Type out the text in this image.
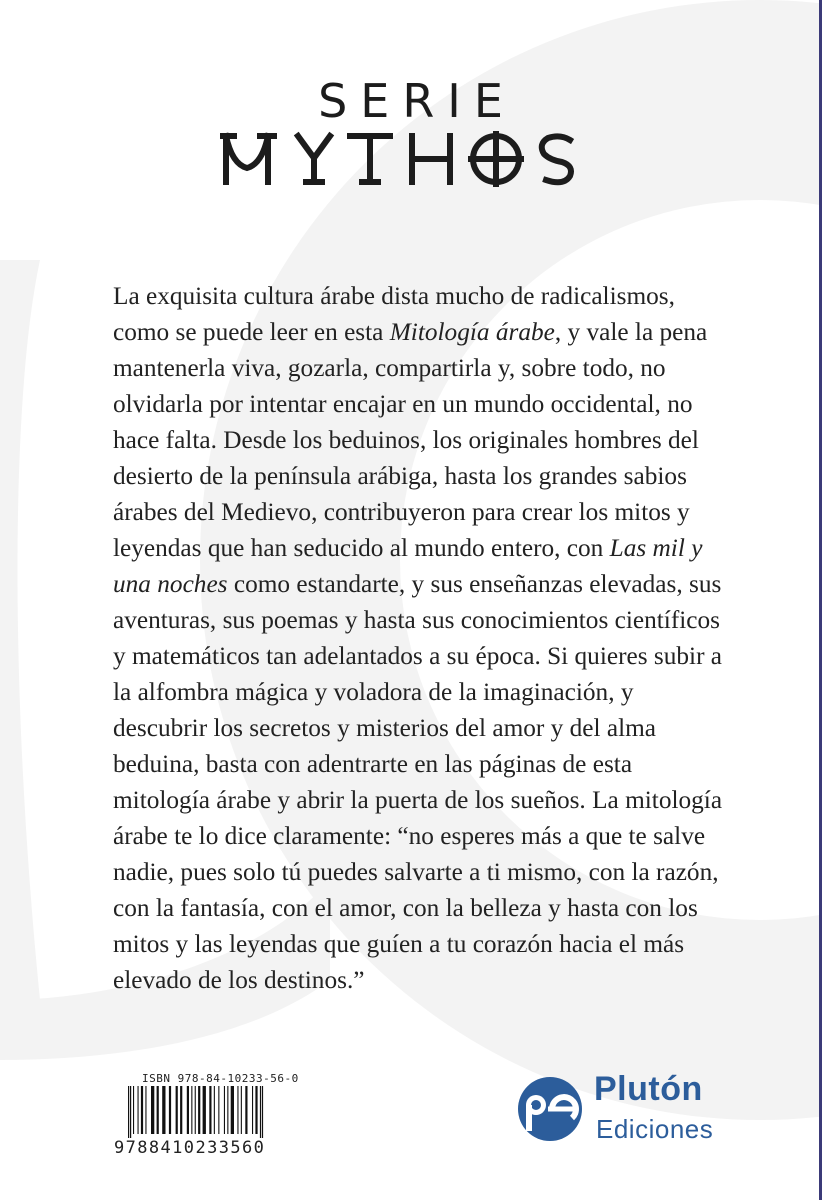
SERIE

La exquisita cultura árabe dista mucho de radicalismos, como se puede leer en esta Mitología árabe, y vale la pena mantenerla viva, gozarla, compartirla y, sobre todo, no olvidarla por intentar encajar en un mundo occidental, no hace falta. Desde los beduinos, los originales hombres del desierto de la península arábiga, hasta los grandes sabios árabes del Medievo, contribuyeron para crear los mitos y leyendas que han seducido al mundo entero, con Las mil y una noches como estandarte, y sus enseñanzas elevadas, sus aventuras, sus poemas y hasta sus conocimientos científicos y matemáticos tan adelantados a su época. Si quieres subir a la alfombra mágica y voladora de la imaginación, y descubrir los secretos y misterios del amor y del alma beduina, basta con adentrarte en las páginas de esta mitología árabe y abrir la puerta de los sueños. La mitología árabe te lo dice claramente: “no esperes más a que te salve nadie, pues solo tú puedes salvarte a ti mismo, con la razón, con la fantasía, con el amor, con la belleza y hasta con los mitos y las leyendas que guíen a tu corazón hacia el más elevado de los destinos.”

ISBN 978-84-10233-56-0
9788410233560
Plutón
Ediciones
